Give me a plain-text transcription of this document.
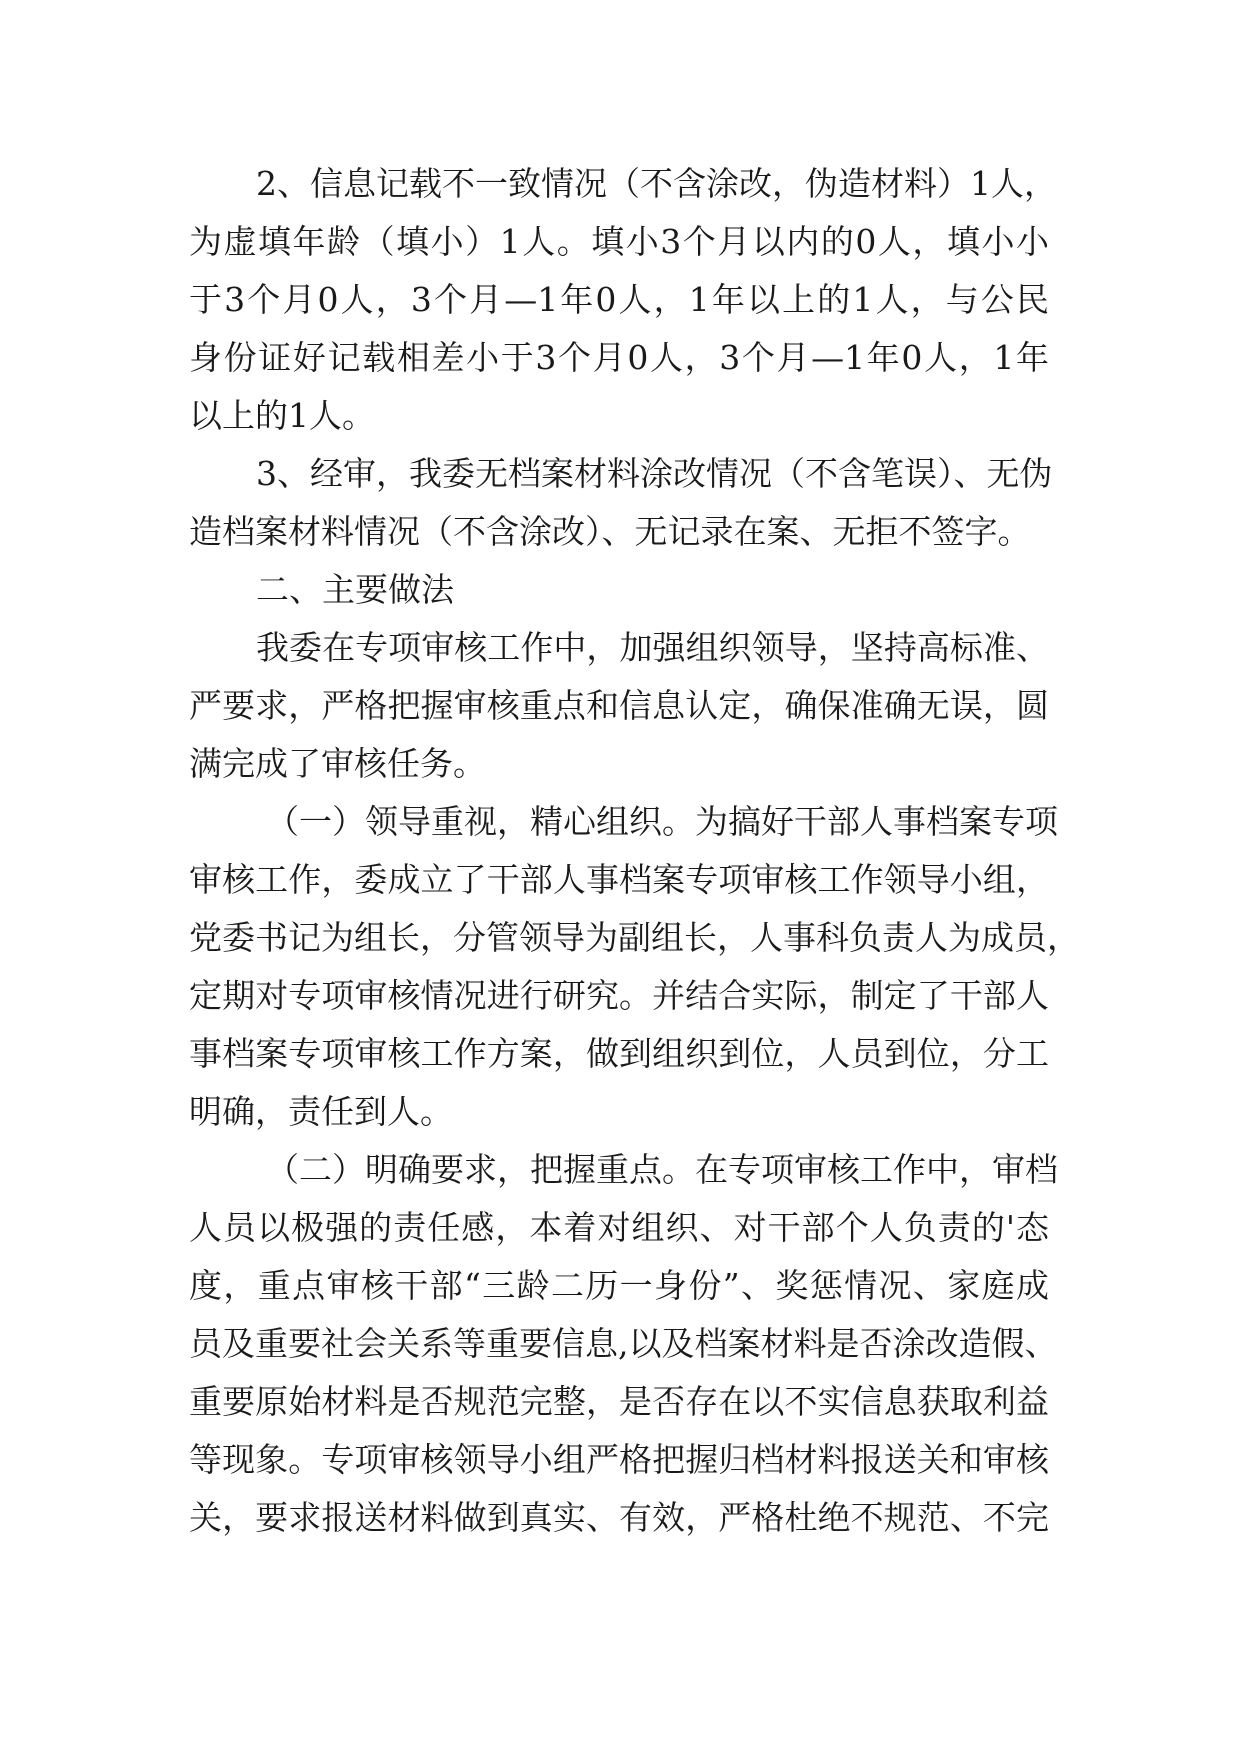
2、信息记载不一致情况（不含涂改，伪造材料）1人，
为虚填年龄（填小）1人。填小3个月以内的0人，填小小
于3个月0人，3个月—1年0人，1年以上的1人，与公民
身份证好记载相差小于3个月0人，3个月—1年0人，1年
以上的1人。
3、经审，我委无档案材料涂改情况（不含笔误）、无伪
造档案材料情况（不含涂改）、无记录在案、无拒不签字。
二、主要做法
我委在专项审核工作中，加强组织领导，坚持高标准、
严要求，严格把握审核重点和信息认定，确保准确无误，圆
满完成了审核任务。
（一）领导重视，精心组织。为搞好干部人事档案专项
审核工作，委成立了干部人事档案专项审核工作领导小组，
党委书记为组长，分管领导为副组长，人事科负责人为成员，
定期对专项审核情况进行研究。并结合实际，制定了干部人
事档案专项审核工作方案，做到组织到位，人员到位，分工
明确，责任到人。
（二）明确要求，把握重点。在专项审核工作中，审档
人员以极强的责任感，本着对组织、对干部个人负责的'态
度，重点审核干部“三龄二历一身份”、奖惩情况、家庭成
员及重要社会关系等重要信息,以及档案材料是否涂改造假、
重要原始材料是否规范完整，是否存在以不实信息获取利益
等现象。专项审核领导小组严格把握归档材料报送关和审核
关，要求报送材料做到真实、有效，严格杜绝不规范、不完
